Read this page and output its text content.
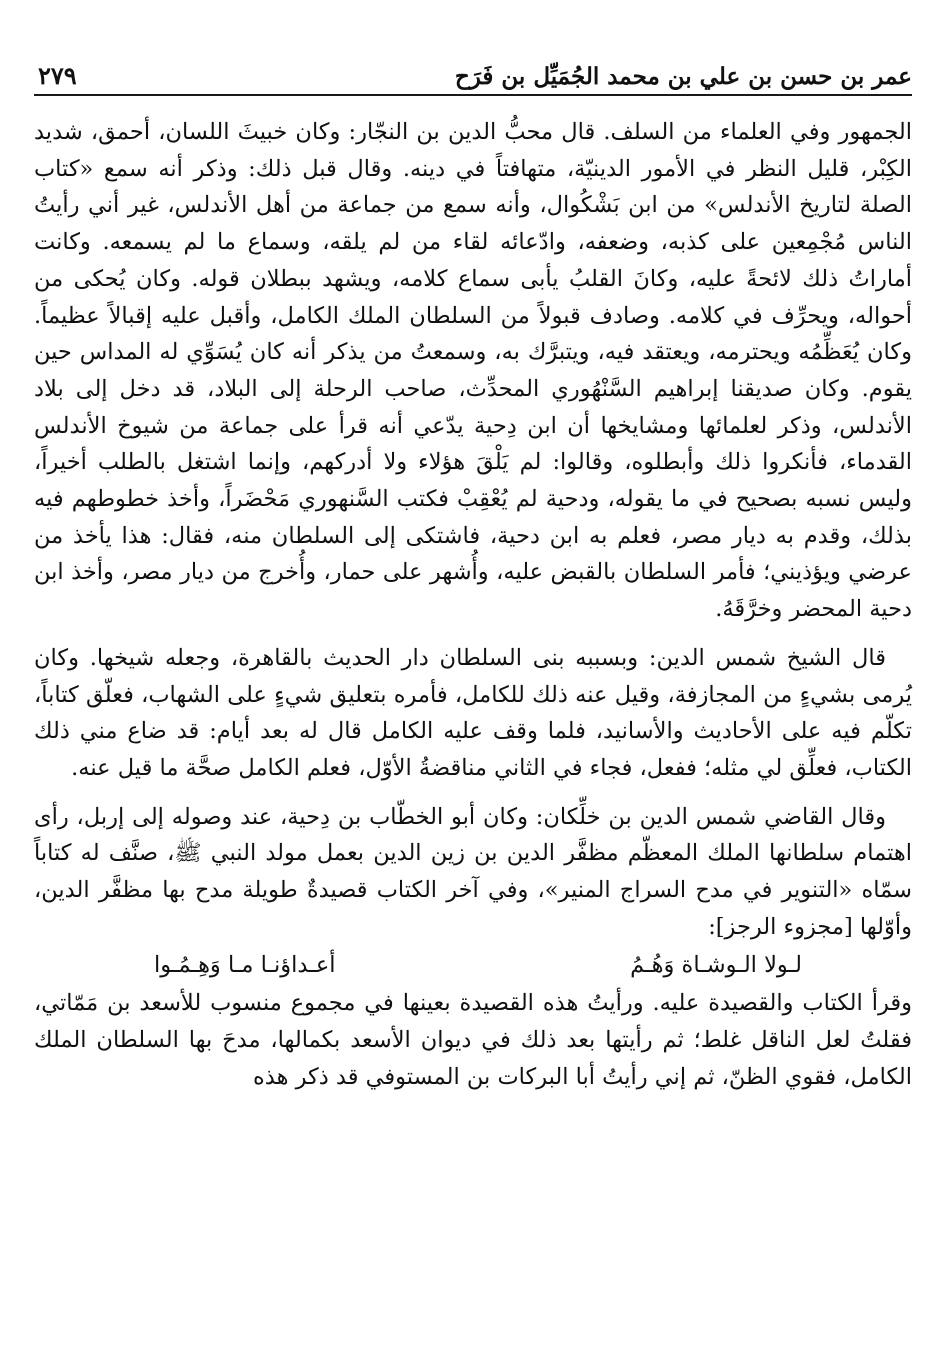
عمر بن حسن بن علي بن محمد الجُمَيِّل بن فَرَح
٢٧٩

الجمهور وفي العلماء من السلف. قال محبُّ الدين بن النجّار: وكان خبيثَ اللسان، أحمق، شديد الكِبْر، قليل النظر في الأمور الدينيّة، متهافتاً في دينه. وقال قبل ذلك: وذكر أنه سمع «كتاب الصلة لتاريخ الأندلس» من ابن بَشْكُوال، وأنه سمع من جماعة من أهل الأندلس، غير أني رأيتُ الناس مُجْمِعين على كذبه، وضعفه، وادّعائه لقاء من لم يلقه، وسماع ما لم يسمعه. وكانت أماراتُ ذلك لائحةً عليه، وكانَ القلبُ يأبى سماع كلامه، ويشهد ببطلان قوله. وكان يُحكى من أحواله، ويحرِّف في كلامه. وصادف قبولاً من السلطان الملك الكامل، وأقبل عليه إقبالاً عظيماً. وكان يُعَظِّمُه ويحترمه، ويعتقد فيه، ويتبرَّك به، وسمعتُ من يذكر أنه كان يُسَوِّي له المداس حين يقوم. وكان صديقنا إبراهيم السَّنْهُوري المحدِّث، صاحب الرحلة إلى البلاد، قد دخل إلى بلاد الأندلس، وذكر لعلمائها ومشايخها أن ابن دِحية يدّعي أنه قرأ على جماعة من شيوخ الأندلس القدماء، فأنكروا ذلك وأبطلوه، وقالوا: لم يَلْقَ هؤلاء ولا أدركهم، وإنما اشتغل بالطلب أخيراً، وليس نسبه بصحيح في ما يقوله، ودحية لم يُعْقِبْ فكتب السَّنهوري مَحْضَراً، وأخذ خطوطهم فيه بذلك، وقدم به ديار مصر، فعلم به ابن دحية، فاشتكى إلى السلطان منه، فقال: هذا يأخذ من عرضي ويؤذيني؛ فأمر السلطان بالقبض عليه، وأُشهر على حمار، وأُخرج من ديار مصر، وأخذ ابن دحية المحضر وخرَّقَهُ.

قال الشيخ شمس الدين: وبسببه بنى السلطان دار الحديث بالقاهرة، وجعله شيخها. وكان يُرمى بشيءٍ من المجازفة، وقيل عنه ذلك للكامل، فأمره بتعليق شيءٍ على الشهاب، فعلّق كتاباً، تكلّم فيه على الأحاديث والأسانيد، فلما وقف عليه الكامل قال له بعد أيام: قد ضاع مني ذلك الكتاب، فعلِّق لي مثله؛ ففعل، فجاء في الثاني مناقضةُ الأوّل، فعلم الكامل صحَّة ما قيل عنه.

وقال القاضي شمس الدين بن خلِّكان: وكان أبو الخطّاب بن دِحية، عند وصوله إلى إربل، رأى اهتمام سلطانها الملك المعظّم مظفَّر الدين بن زين الدين بعمل مولد النبي ﷺ، صنَّف له كتاباً سمّاه «التنوير في مدح السراج المنير»، وفي آخر الكتاب قصيدةٌ طويلة مدح بها مظفَّر الدين، وأوّلها [مجزوء الرجز]:

لـولا الـوشـاة وَهُـمُ
أعـداؤنـا مـا وَهِـمُـوا

وقرأ الكتاب والقصيدة عليه. ورأيتُ هذه القصيدة بعينها في مجموع منسوب للأسعد بن مَمّاتي، فقلتُ لعل الناقل غلط؛ ثم رأيتها بعد ذلك في ديوان الأسعد بكمالها، مدحَ بها السلطان الملك الكامل، فقوي الظنّ، ثم إني رأيتُ أبا البركات بن المستوفي قد ذكر هذه
